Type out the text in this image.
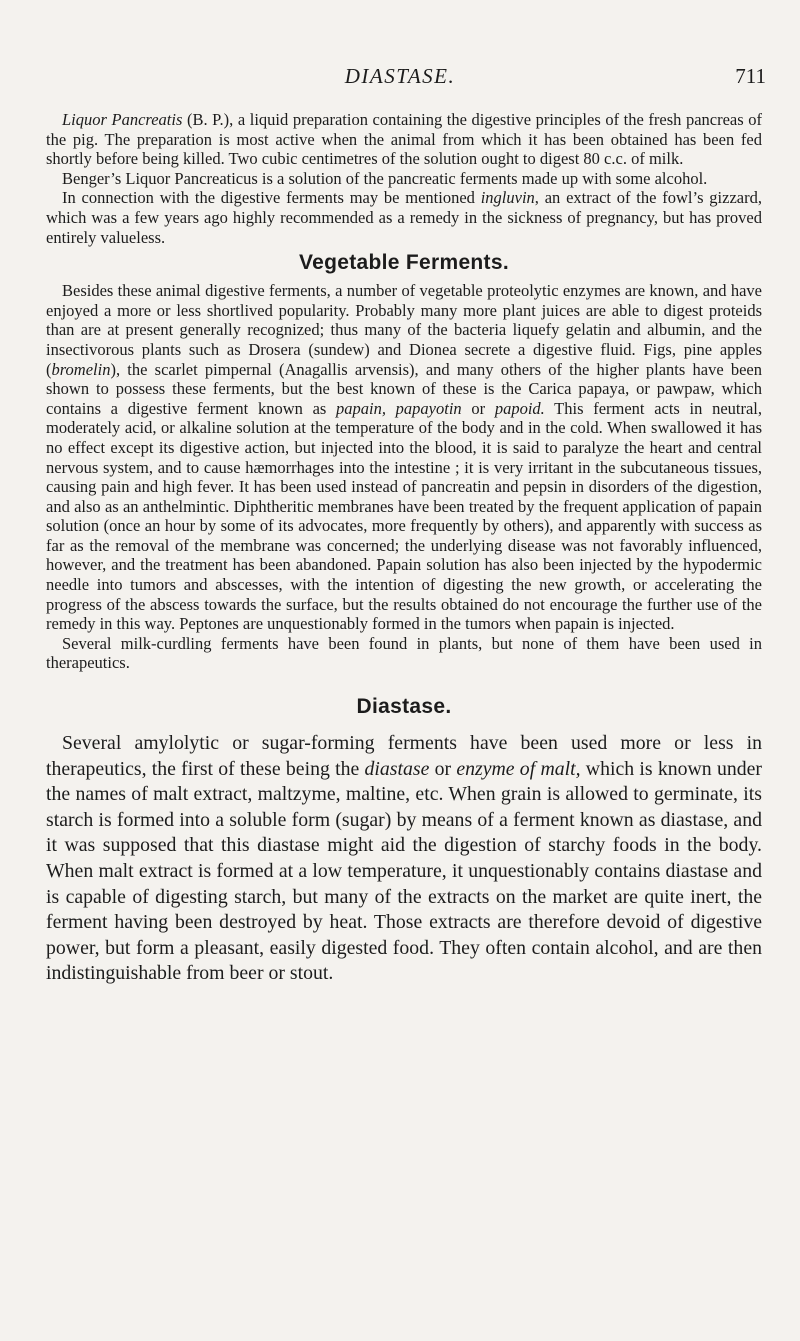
DIASTASE.	711

Liquor Pancreatis (B. P.), a liquid preparation containing the digestive principles of the fresh pancreas of the pig. The preparation is most active when the animal from which it has been obtained has been fed shortly before being killed. Two cubic centimetres of the solution ought to digest 80 c.c. of milk.

Benger’s Liquor Pancreaticus is a solution of the pancreatic ferments made up with some alcohol.

In connection with the digestive ferments may be mentioned ingluvin, an extract of the fowl’s gizzard, which was a few years ago highly recommended as a remedy in the sickness of pregnancy, but has proved entirely valueless.

Vegetable Ferments.

Besides these animal digestive ferments, a number of vegetable proteolytic enzymes are known, and have enjoyed a more or less shortlived popularity. Probably many more plant juices are able to digest proteids than are at present generally recognized; thus many of the bacteria liquefy gelatin and albumin, and the insectivorous plants such as Drosera (sundew) and Dionea secrete a digestive fluid. Figs, pine apples (bromelin), the scarlet pimpernal (Anagallis arvensis), and many others of the higher plants have been shown to possess these ferments, but the best known of these is the Carica papaya, or pawpaw, which contains a digestive ferment known as papain, papayotin or papoid. This ferment acts in neutral, moderately acid, or alkaline solution at the temperature of the body and in the cold. When swallowed it has no effect except its digestive action, but injected into the blood, it is said to paralyze the heart and central nervous system, and to cause hæmorrhages into the intestine ; it is very irritant in the subcutaneous tissues, causing pain and high fever. It has been used instead of pancreatin and pepsin in disorders of the digestion, and also as an anthelmintic. Diphtheritic membranes have been treated by the frequent application of papain solution (once an hour by some of its advocates, more frequently by others), and apparently with success as far as the removal of the membrane was concerned; the underlying disease was not favorably influenced, however, and the treatment has been abandoned. Papain solution has also been injected by the hypodermic needle into tumors and abscesses, with the intention of digesting the new growth, or accelerating the progress of the abscess towards the surface, but the results obtained do not encourage the further use of the remedy in this way. Peptones are unquestionably formed in the tumors when papain is injected.

Several milk-curdling ferments have been found in plants, but none of them have been used in therapeutics.

Diastase.

Several amylolytic or sugar-forming ferments have been used more or less in therapeutics, the first of these being the diastase or enzyme of malt, which is known under the names of malt extract, maltzyme, maltine, etc. When grain is allowed to germinate, its starch is formed into a soluble form (sugar) by means of a ferment known as diastase, and it was supposed that this diastase might aid the digestion of starchy foods in the body. When malt extract is formed at a low temperature, it unquestionably contains diastase and is capable of digesting starch, but many of the extracts on the market are quite inert, the ferment having been destroyed by heat. Those extracts are therefore devoid of digestive power, but form a pleasant, easily digested food. They often contain alcohol, and are then indistinguishable from beer or stout.
